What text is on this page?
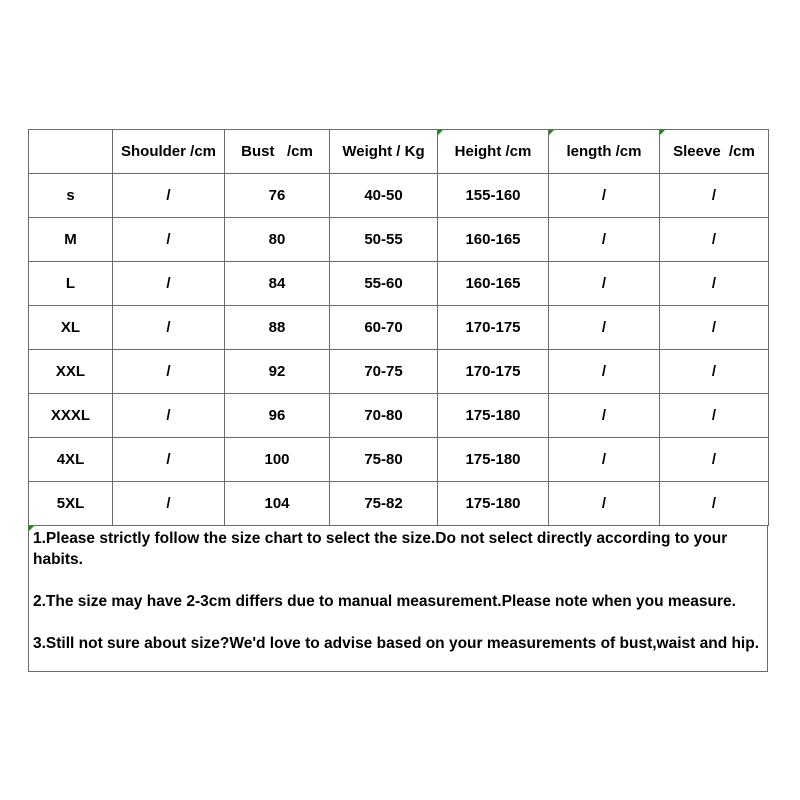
	Shoulder /cm	Bust   /cm	Weight / Kg	Height /cm	length /cm	Sleeve  /cm
s	/	76	40-50	155-160	/	/
M	/	80	50-55	160-165	/	/
L	/	84	55-60	160-165	/	/
XL	/	88	60-70	170-175	/	/
XXL	/	92	70-75	170-175	/	/
XXXL	/	96	70-80	175-180	/	/
4XL	/	100	75-80	175-180	/	/
5XL	/	104	75-82	175-180	/	/

1.Please strictly follow the size chart to select the size.Do not select directly according to your habits.

2.The size may have 2-3cm differs due to manual measurement.Please note when you measure.

3.Still not sure about size?We'd love to advise based on your measurements of bust,waist and hip.
